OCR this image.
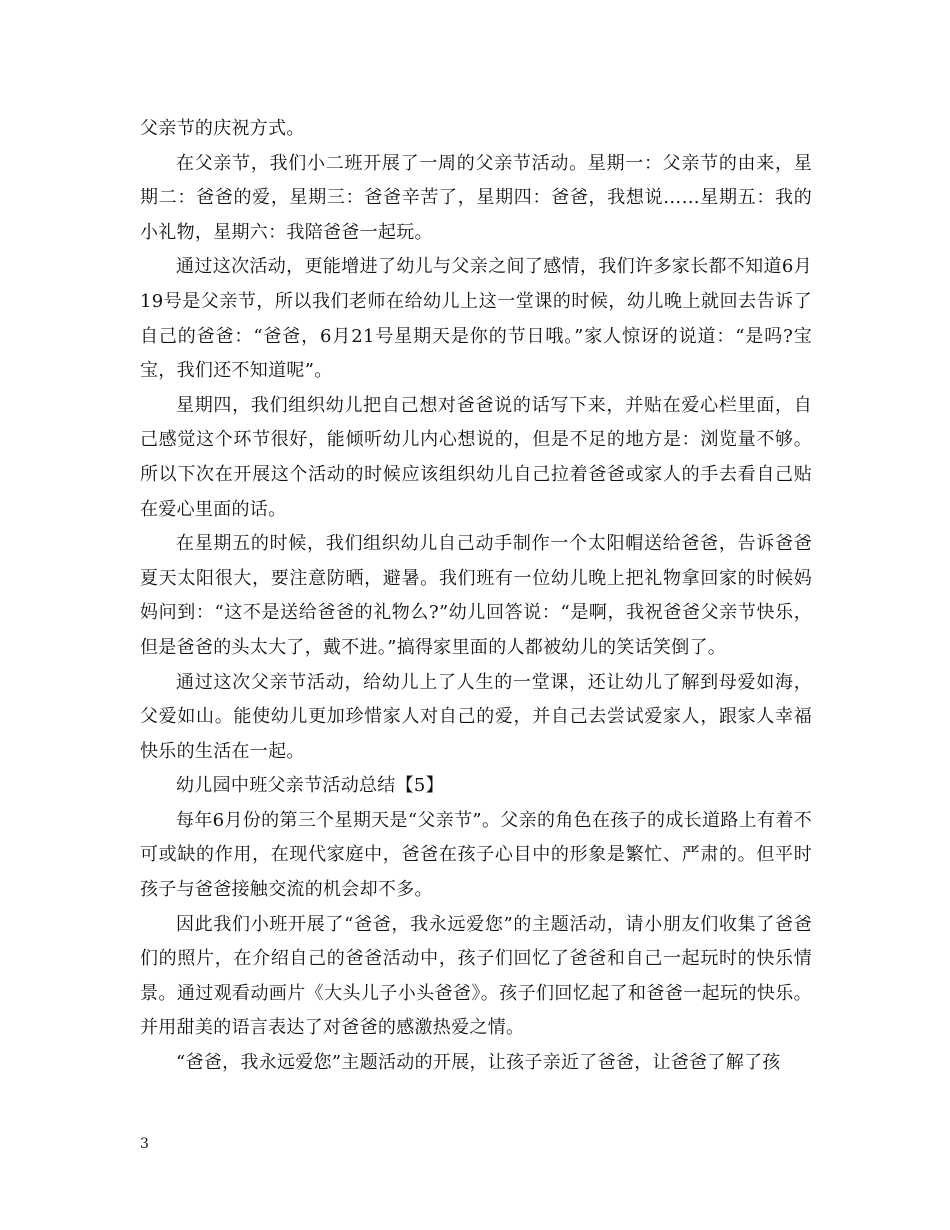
父亲节的庆祝方式。

在父亲节，我们小二班开展了一周的父亲节活动。星期一：父亲节的由来，星期二：爸爸的爱，星期三：爸爸辛苦了，星期四：爸爸，我想说……星期五：我的小礼物，星期六：我陪爸爸一起玩。

通过这次活动，更能增进了幼儿与父亲之间了感情，我们许多家长都不知道6月19号是父亲节，所以我们老师在给幼儿上这一堂课的时候，幼儿晚上就回去告诉了自己的爸爸：“爸爸，6月21号星期天是你的节日哦。”家人惊讶的说道：“是吗?宝宝，我们还不知道呢”。

星期四，我们组织幼儿把自己想对爸爸说的话写下来，并贴在爱心栏里面，自己感觉这个环节很好，能倾听幼儿内心想说的，但是不足的地方是：浏览量不够。所以下次在开展这个活动的时候应该组织幼儿自己拉着爸爸或家人的手去看自己贴在爱心里面的话。

在星期五的时候，我们组织幼儿自己动手制作一个太阳帽送给爸爸，告诉爸爸夏天太阳很大，要注意防晒，避暑。我们班有一位幼儿晚上把礼物拿回家的时候妈妈问到：“这不是送给爸爸的礼物么?”幼儿回答说：“是啊，我祝爸爸父亲节快乐，但是爸爸的头太大了，戴不进。”搞得家里面的人都被幼儿的笑话笑倒了。

通过这次父亲节活动，给幼儿上了人生的一堂课，还让幼儿了解到母爱如海，父爱如山。能使幼儿更加珍惜家人对自己的爱，并自己去尝试爱家人，跟家人幸福快乐的生活在一起。

幼儿园中班父亲节活动总结【5】

每年6月份的第三个星期天是“父亲节”。父亲的角色在孩子的成长道路上有着不可或缺的作用，在现代家庭中，爸爸在孩子心目中的形象是繁忙、严肃的。但平时孩子与爸爸接触交流的机会却不多。

因此我们小班开展了“爸爸，我永远爱您”的主题活动，请小朋友们收集了爸爸们的照片，在介绍自己的爸爸活动中，孩子们回忆了爸爸和自己一起玩时的快乐情景。通过观看动画片《大头儿子小头爸爸》。孩子们回忆起了和爸爸一起玩的快乐。并用甜美的语言表达了对爸爸的感激热爱之情。

“爸爸，我永远爱您”主题活动的开展，让孩子亲近了爸爸，让爸爸了解了孩

3
